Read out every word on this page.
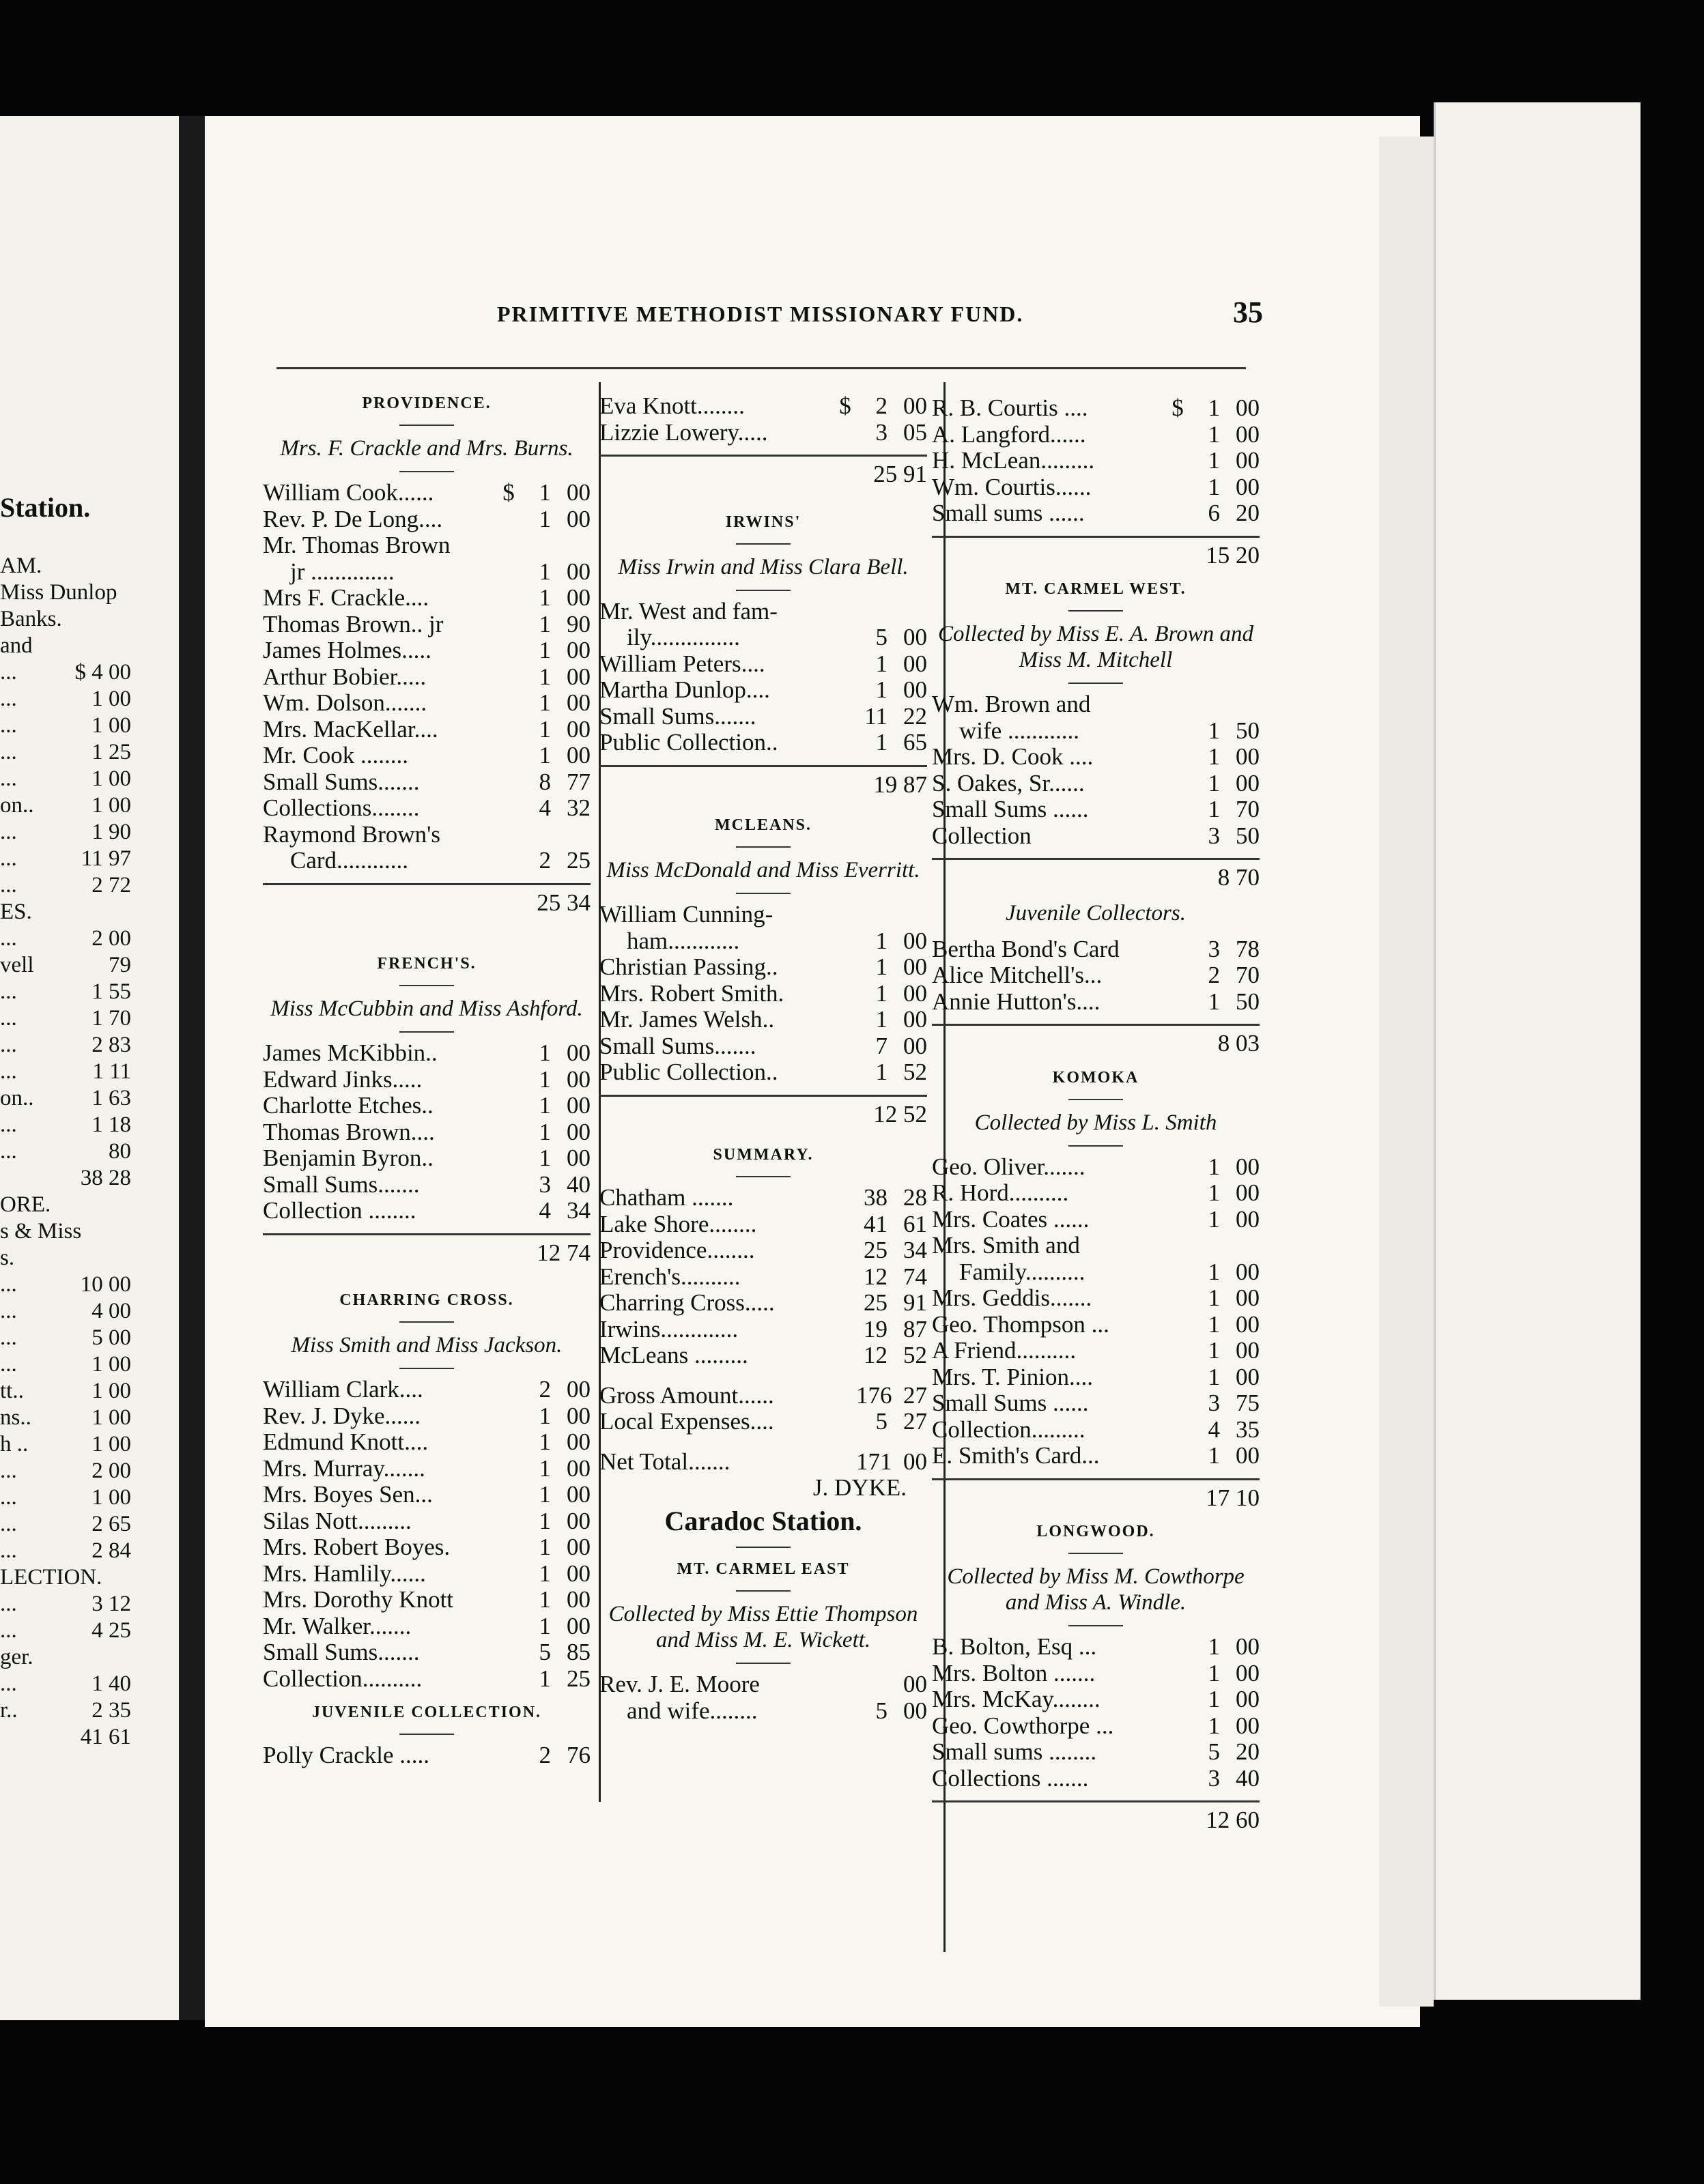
Station.
AM.
Miss Dunlop
Banks.
and
...	$ 4 00
...	1 00
...	1 00
...	1 25
...	1 00
on..	1 00
...	1 90
...	11 97
...	2 72
ES.
...	2 00
vell	79
...	1 55
...	1 70
...	2 83
...	1 11
on..	1 63
...	1 18
...	80
38 28
ORE.
s & Miss
s.
...	10 00
...	4 00
...	5 00
...	1 00
tt..	1 00
ns..	1 00
h ..	1 00
...	2 00
...	1 00
...	2 65
...	2 84
LECTION.
...	3 12
...	4 25
ger.
...	1 40
r..	2 35
41 61
PRIMITIVE METHODIST MISSIONARY FUND.	35
PROVIDENCE.
Mrs. F. Crackle and Mrs. Burns.
William Cook......	$	1 00
Rev. P. De Long....	1 00
Mr. Thomas Brown
jr ..............	1 00
Mrs F. Crackle....	1 00
Thomas Brown.. jr	1 90
James Holmes.....	1 00
Arthur Bobier.....	1 00
Wm. Dolson.......	1 00
Mrs. MacKellar....	1 00
Mr. Cook ........	1 00
Small Sums.......	8 77
Collections........	4 32
Raymond Brown's
Card............	2 25
25 34
FRENCH'S.
Miss McCubbin and Miss Ashford.
James McKibbin..	1 00
Edward Jinks.....	1 00
Charlotte Etches..	1 00
Thomas Brown....	1 00
Benjamin Byron..	1 00
Small Sums.......	3 40
Collection ........	4 34
12 74
CHARRING CROSS.
Miss Smith and Miss Jackson.
William Clark....	2 00
Rev. J. Dyke......	1 00
Edmund Knott....	1 00
Mrs. Murray.......	1 00
Mrs. Boyes Sen...	1 00
Silas Nott.........	1 00
Mrs. Robert Boyes.	1 00
Mrs. Hamlily......	1 00
Mrs. Dorothy Knott	1 00
Mr. Walker.......	1 00
Small Sums.......	5 85
Collection..........	1 25
JUVENILE COLLECTION.
Polly Crackle .....	2 76
Eva Knott........	$	2 00
Lizzie Lowery.....	3 05
25 91
IRWINS'
Miss Irwin and Miss Clara Bell.
Mr. West and fam-
ily...............	5 00
William Peters....	1 00
Martha Dunlop....	1 00
Small Sums.......	11 22
Public Collection..	1 65
19 87
MCLEANS.
Miss McDonald and Miss Everritt.
William Cunning-
ham............	1 00
Christian Passing..	1 00
Mrs. Robert Smith.	1 00
Mr. James Welsh..	1 00
Small Sums.......	7 00
Public Collection..	1 52
12 52
SUMMARY.
Chatham .......	38 28
Lake Shore........	41 61
Providence........	25 34
Erench's..........	12 74
Charring Cross.....	25 91
Irwins.............	19 87
McLeans .........	12 52
Gross Amount......	176 27
Local Expenses....	5 27
Net Total.......	171 00
J. DYKE.
Caradoc Station.
MT. CARMEL EAST
Collected by Miss Ettie Thompson and Miss M. E. Wickett.
Rev. J. E. Moore	00
and wife........	5 00
R. B. Courtis ....	$	1 00
A. Langford......	1 00
H. McLean.........	1 00
Wm. Courtis......	1 00
Small sums ......	6 20
15 20
MT. CARMEL WEST.
Collected by Miss E. A. Brown and Miss M. Mitchell
Wm. Brown and
wife ............	1 50
Mrs. D. Cook ....	1 00
S. Oakes, Sr......	1 00
Small Sums ......	1 70
Collection	3 50
8 70
Juvenile Collectors.
Bertha Bond's Card	3 78
Alice Mitchell's...	2 70
Annie Hutton's....	1 50
8 03
KOMOKA
Collected by Miss L. Smith
Geo. Oliver.......	1 00
R. Hord..........	1 00
Mrs. Coates ......	1 00
Mrs. Smith and
Family..........	1 00
Mrs. Geddis.......	1 00
Geo. Thompson ...	1 00
A Friend..........	1 00
Mrs. T. Pinion....	1 00
Small Sums ......	3 75
Collection.........	4 35
E. Smith's Card...	1 00
17 10
LONGWOOD.
Collected by Miss M. Cowthorpe and Miss A. Windle.
B. Bolton, Esq ...	1 00
Mrs. Bolton .......	1 00
Mrs. McKay........	1 00
Geo. Cowthorpe ...	1 00
Small sums ........	5 20
Collections .......	3 40
12 60
